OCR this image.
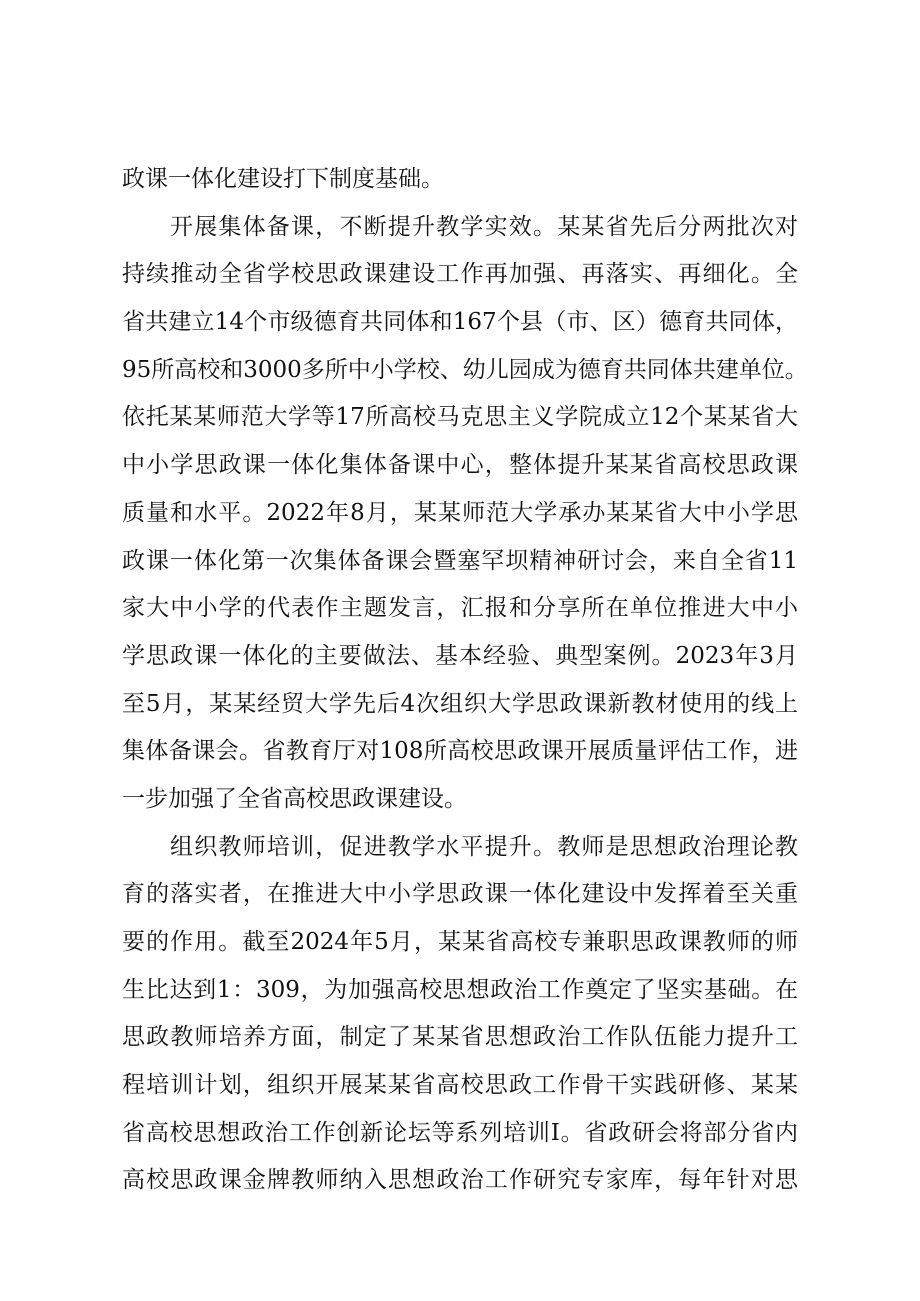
政课一体化建设打下制度基础。
开展集体备课，不断提升教学实效。某某省先后分两批次对
持续推动全省学校思政课建设工作再加强、再落实、再细化。全
省共建立14个市级德育共同体和167个县（市、区）德育共同体，
95所高校和3000多所中小学校、幼儿园成为德育共同体共建单位。
依托某某师范大学等17所高校马克思主义学院成立12个某某省大
中小学思政课一体化集体备课中心，整体提升某某省高校思政课
质量和水平。2022年8月，某某师范大学承办某某省大中小学思
政课一体化第一次集体备课会暨塞罕坝精神研讨会，来自全省11
家大中小学的代表作主题发言，汇报和分享所在单位推进大中小
学思政课一体化的主要做法、基本经验、典型案例。2023年3月
至5月，某某经贸大学先后4次组织大学思政课新教材使用的线上
集体备课会。省教育厅对108所高校思政课开展质量评估工作，进
一步加强了全省高校思政课建设。
组织教师培训，促进教学水平提升。教师是思想政治理论教
育的落实者，在推进大中小学思政课一体化建设中发挥着至关重
要的作用。截至2024年5月，某某省高校专兼职思政课教师的师
生比达到1：309，为加强高校思想政治工作奠定了坚实基础。在
思政教师培养方面，制定了某某省思想政治工作队伍能力提升工
程培训计划，组织开展某某省高校思政工作骨干实践研修、某某
省高校思想政治工作创新论坛等系列培训I。省政研会将部分省内
高校思政课金牌教师纳入思想政治工作研究专家库，每年针对思
